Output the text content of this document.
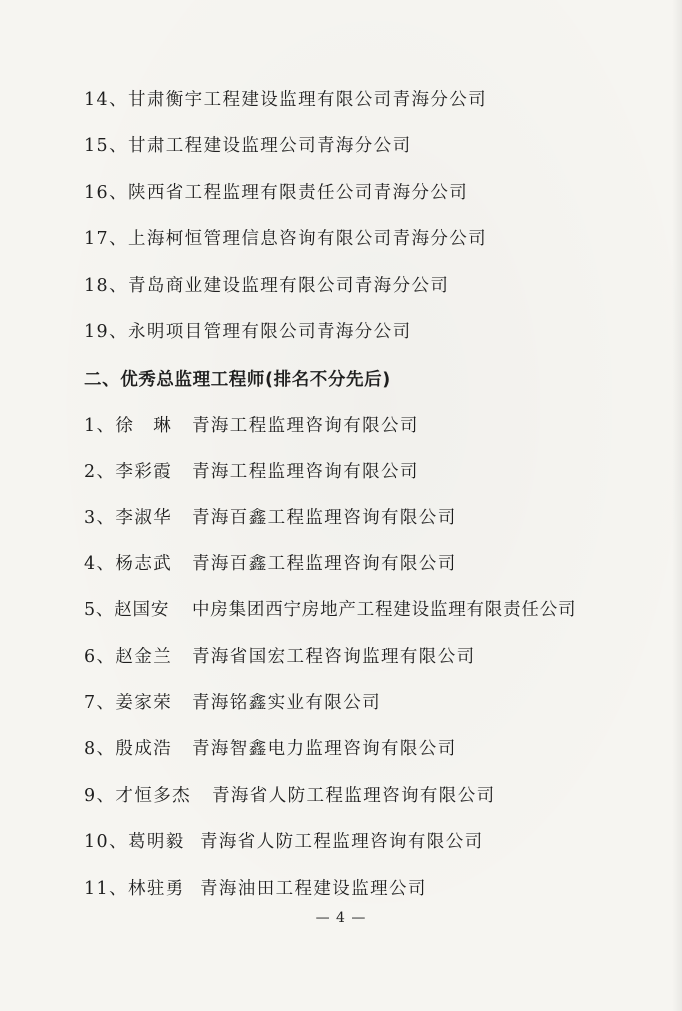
14、甘肃衡宇工程建设监理有限公司青海分公司
15、甘肃工程建设监理公司青海分公司
16、陕西省工程监理有限责任公司青海分公司
17、上海柯恒管理信息咨询有限公司青海分公司
18、青岛商业建设监理有限公司青海分公司
19、永明项目管理有限公司青海分公司
二、优秀总监理工程师(排名不分先后)
1、徐　琳 青海工程监理咨询有限公司
2、李彩霞 青海工程监理咨询有限公司
3、李淑华 青海百鑫工程监理咨询有限公司
4、杨志武 青海百鑫工程监理咨询有限公司
5、赵国安 中房集团西宁房地产工程建设监理有限责任公司
6、赵金兰 青海省国宏工程咨询监理有限公司
7、姜家荣 青海铭鑫实业有限公司
8、殷成浩 青海智鑫电力监理咨询有限公司
9、才恒多杰 青海省人防工程监理咨询有限公司
10、葛明毅 青海省人防工程监理咨询有限公司
11、林驻勇 青海油田工程建设监理公司
— 4 —
